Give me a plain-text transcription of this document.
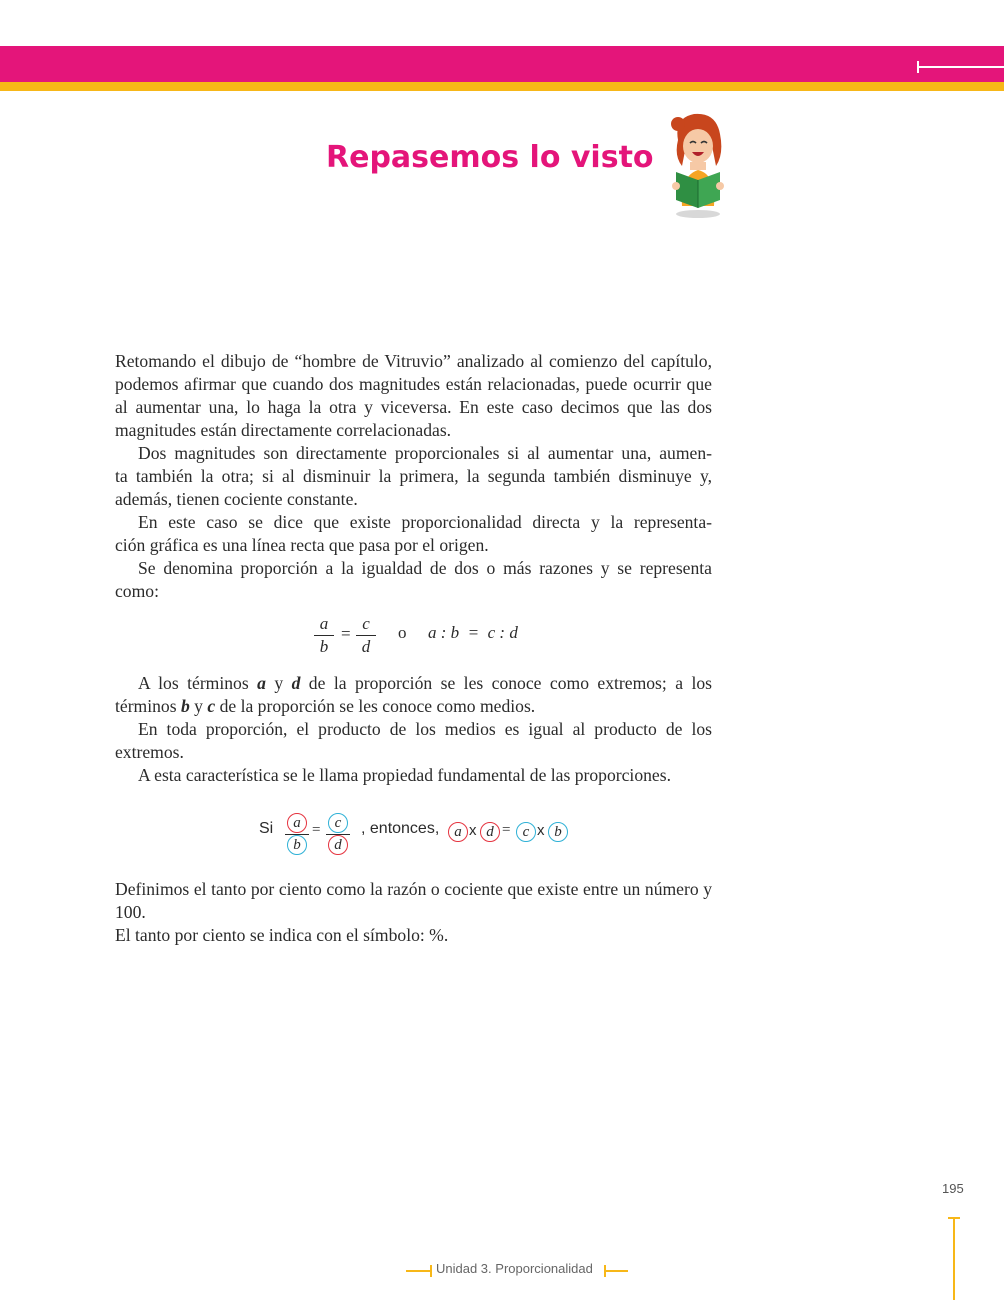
Repasemos lo visto

Retomando el dibujo de “hombre de Vitruvio” analizado al comienzo del capítulo, podemos afirmar que cuando dos magnitudes están relacionadas, puede ocurrir que al aumentar una, lo haga la otra y viceversa. En este caso decimos que las dos magnitudes están directamente correlacionadas.

Dos magnitudes son directamente proporcionales si al aumentar una, aumen-

ta también la otra; si al disminuir la primera, la segunda también disminuye y, además, tienen cociente constante.

En este caso se dice que existe proporcionalidad directa y la representa-

ción gráfica es una línea recta que pasa por el origen.

Se denomina proporción a la igualdad de dos o más razones y se representa como:

a
b
=
c
d
o a : b  =  c : d

A los términos a y d de la proporción se les conoce como extremos; a los términos b y c de la proporción se les conoce como medios.

En toda proporción, el producto de los medios es igual al producto de los extremos.

A esta característica se le llama propiedad fundamental de las proporciones.

Si	a
b
= c
d
, entonces, a x d = c x b

Definimos el tanto por ciento como la razón o cociente que existe entre un número y 100.

El tanto por ciento se indica con el símbolo: %.

195
Unidad 3. Proporcionalidad
